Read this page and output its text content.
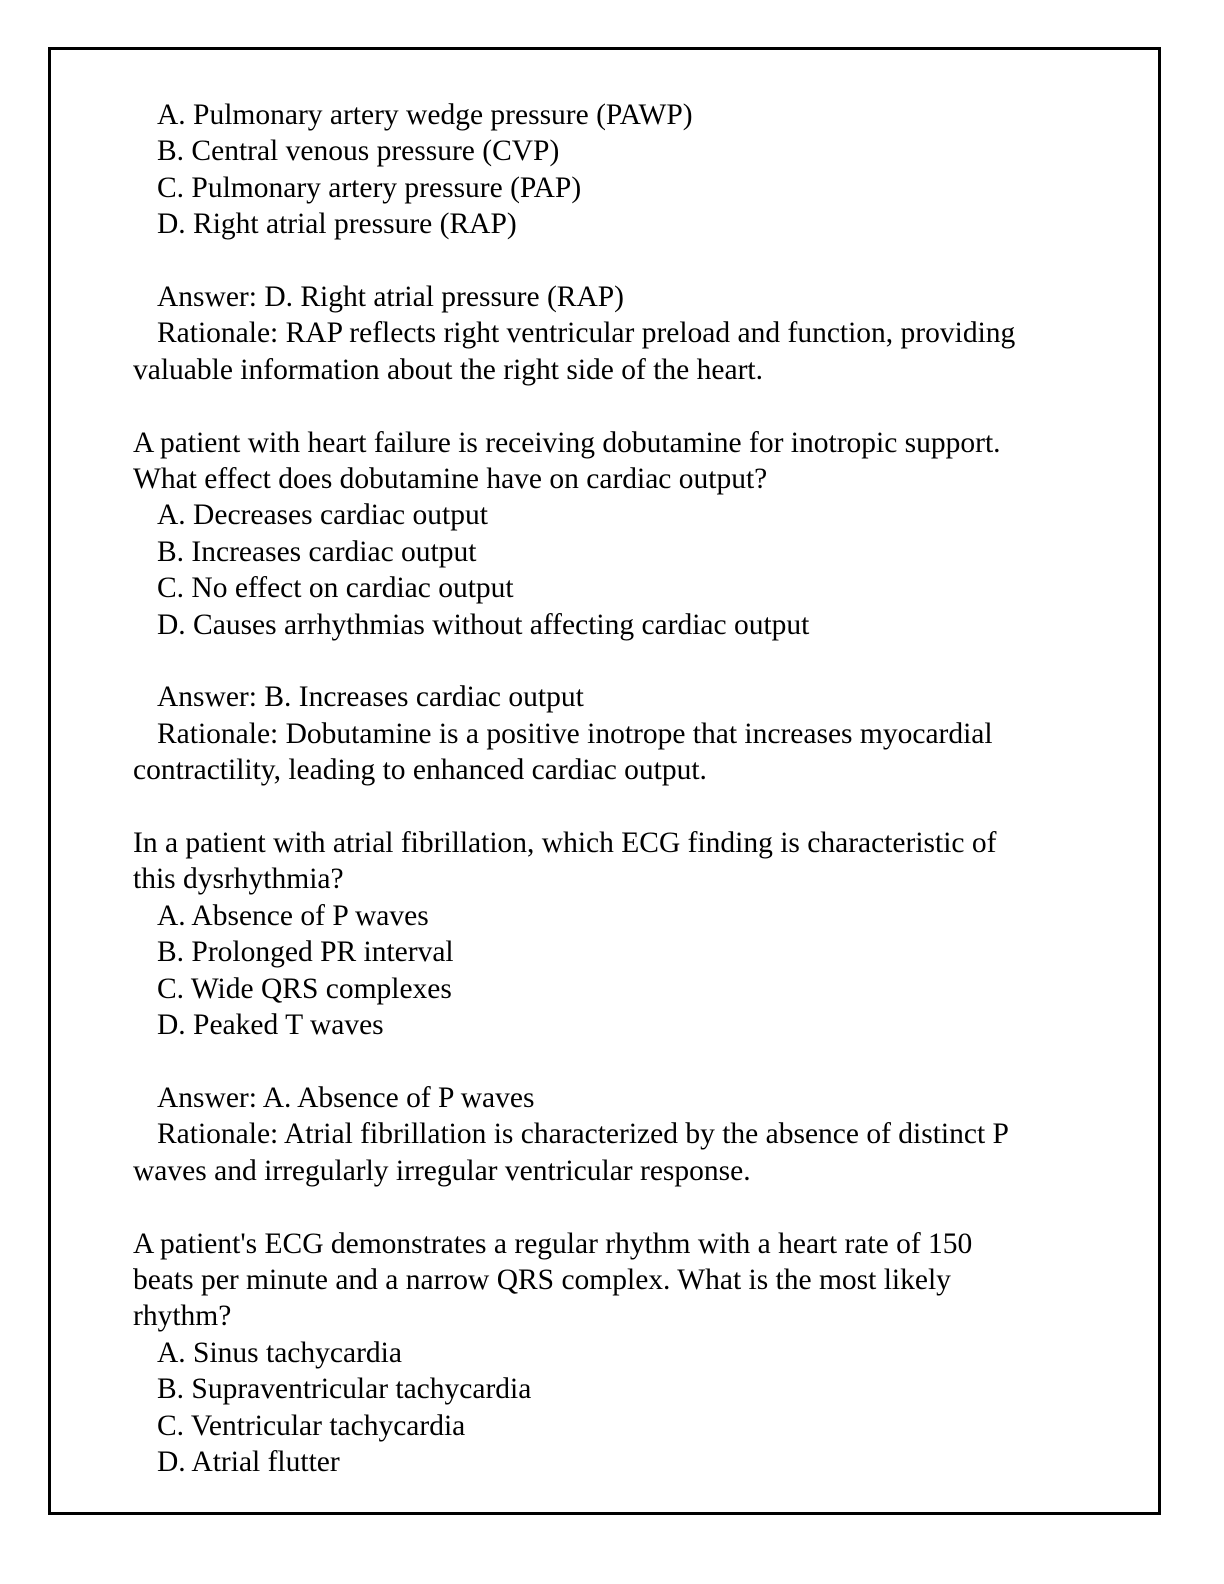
A. Pulmonary artery wedge pressure (PAWP)
B. Central venous pressure (CVP)
C. Pulmonary artery pressure (PAP)
D. Right atrial pressure (RAP)
Answer: D. Right atrial pressure (RAP)
Rationale: RAP reflects right ventricular preload and function, providing
valuable information about the right side of the heart.
A patient with heart failure is receiving dobutamine for inotropic support.
What effect does dobutamine have on cardiac output?
A. Decreases cardiac output
B. Increases cardiac output
C. No effect on cardiac output
D. Causes arrhythmias without affecting cardiac output
Answer: B. Increases cardiac output
Rationale: Dobutamine is a positive inotrope that increases myocardial
contractility, leading to enhanced cardiac output.
In a patient with atrial fibrillation, which ECG finding is characteristic of
this dysrhythmia?
A. Absence of P waves
B. Prolonged PR interval
C. Wide QRS complexes
D. Peaked T waves
Answer: A. Absence of P waves
Rationale: Atrial fibrillation is characterized by the absence of distinct P
waves and irregularly irregular ventricular response.
A patient's ECG demonstrates a regular rhythm with a heart rate of 150
beats per minute and a narrow QRS complex. What is the most likely
rhythm?
A. Sinus tachycardia
B. Supraventricular tachycardia
C. Ventricular tachycardia
D. Atrial flutter
